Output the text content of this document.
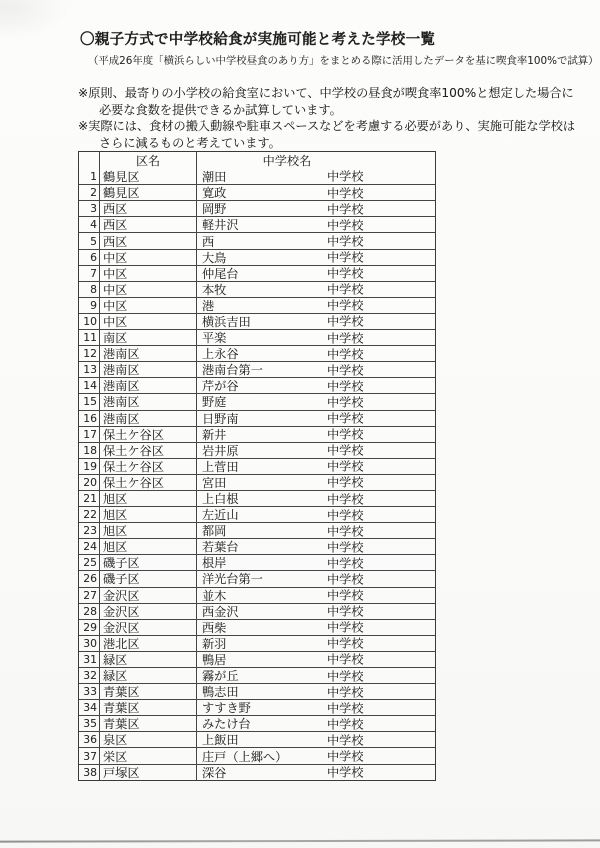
〇親子方式で中学校給食が実施可能と考えた学校一覧
（平成26年度「横浜らしい中学校昼食のあり方」をまとめる際に活用したデータを基に喫食率100%で試算）
※原則、最寄りの小学校の給食室において、中学校の昼食が喫食率100%と想定した場合に
必要な食数を提供できるか試算しています。
※実際には、食材の搬入動線や駐車スペースなどを考慮する必要があり、実施可能な学校は
さらに減るものと考えています。
区名	中学校名
1 鶴見区	潮田	中学校
2 鶴見区	寛政	中学校
3 西区	岡野	中学校
4 西区	軽井沢	中学校
5 西区	西	中学校
6 中区	大鳥	中学校
7 中区	仲尾台	中学校
8 中区	本牧	中学校
9 中区	港	中学校
10 中区	横浜吉田	中学校
11 南区	平楽	中学校
12 港南区	上永谷	中学校
13 港南区	港南台第一	中学校
14 港南区	芹が谷	中学校
15 港南区	野庭	中学校
16 港南区	日野南	中学校
17 保土ケ谷区	新井	中学校
18 保土ケ谷区	岩井原	中学校
19 保土ケ谷区	上菅田	中学校
20 保土ケ谷区	宮田	中学校
21 旭区	上白根	中学校
22 旭区	左近山	中学校
23 旭区	都岡	中学校
24 旭区	若葉台	中学校
25 磯子区	根岸	中学校
26 磯子区	洋光台第一	中学校
27 金沢区	並木	中学校
28 金沢区	西金沢	中学校
29 金沢区	西柴	中学校
30 港北区	新羽	中学校
31 緑区	鴨居	中学校
32 緑区	霧が丘	中学校
33 青葉区	鴨志田	中学校
34 青葉区	すすき野	中学校
35 青葉区	みたけ台	中学校
36 泉区	上飯田	中学校
37 栄区	庄戸（上郷へ）	中学校
38 戸塚区	深谷	中学校
